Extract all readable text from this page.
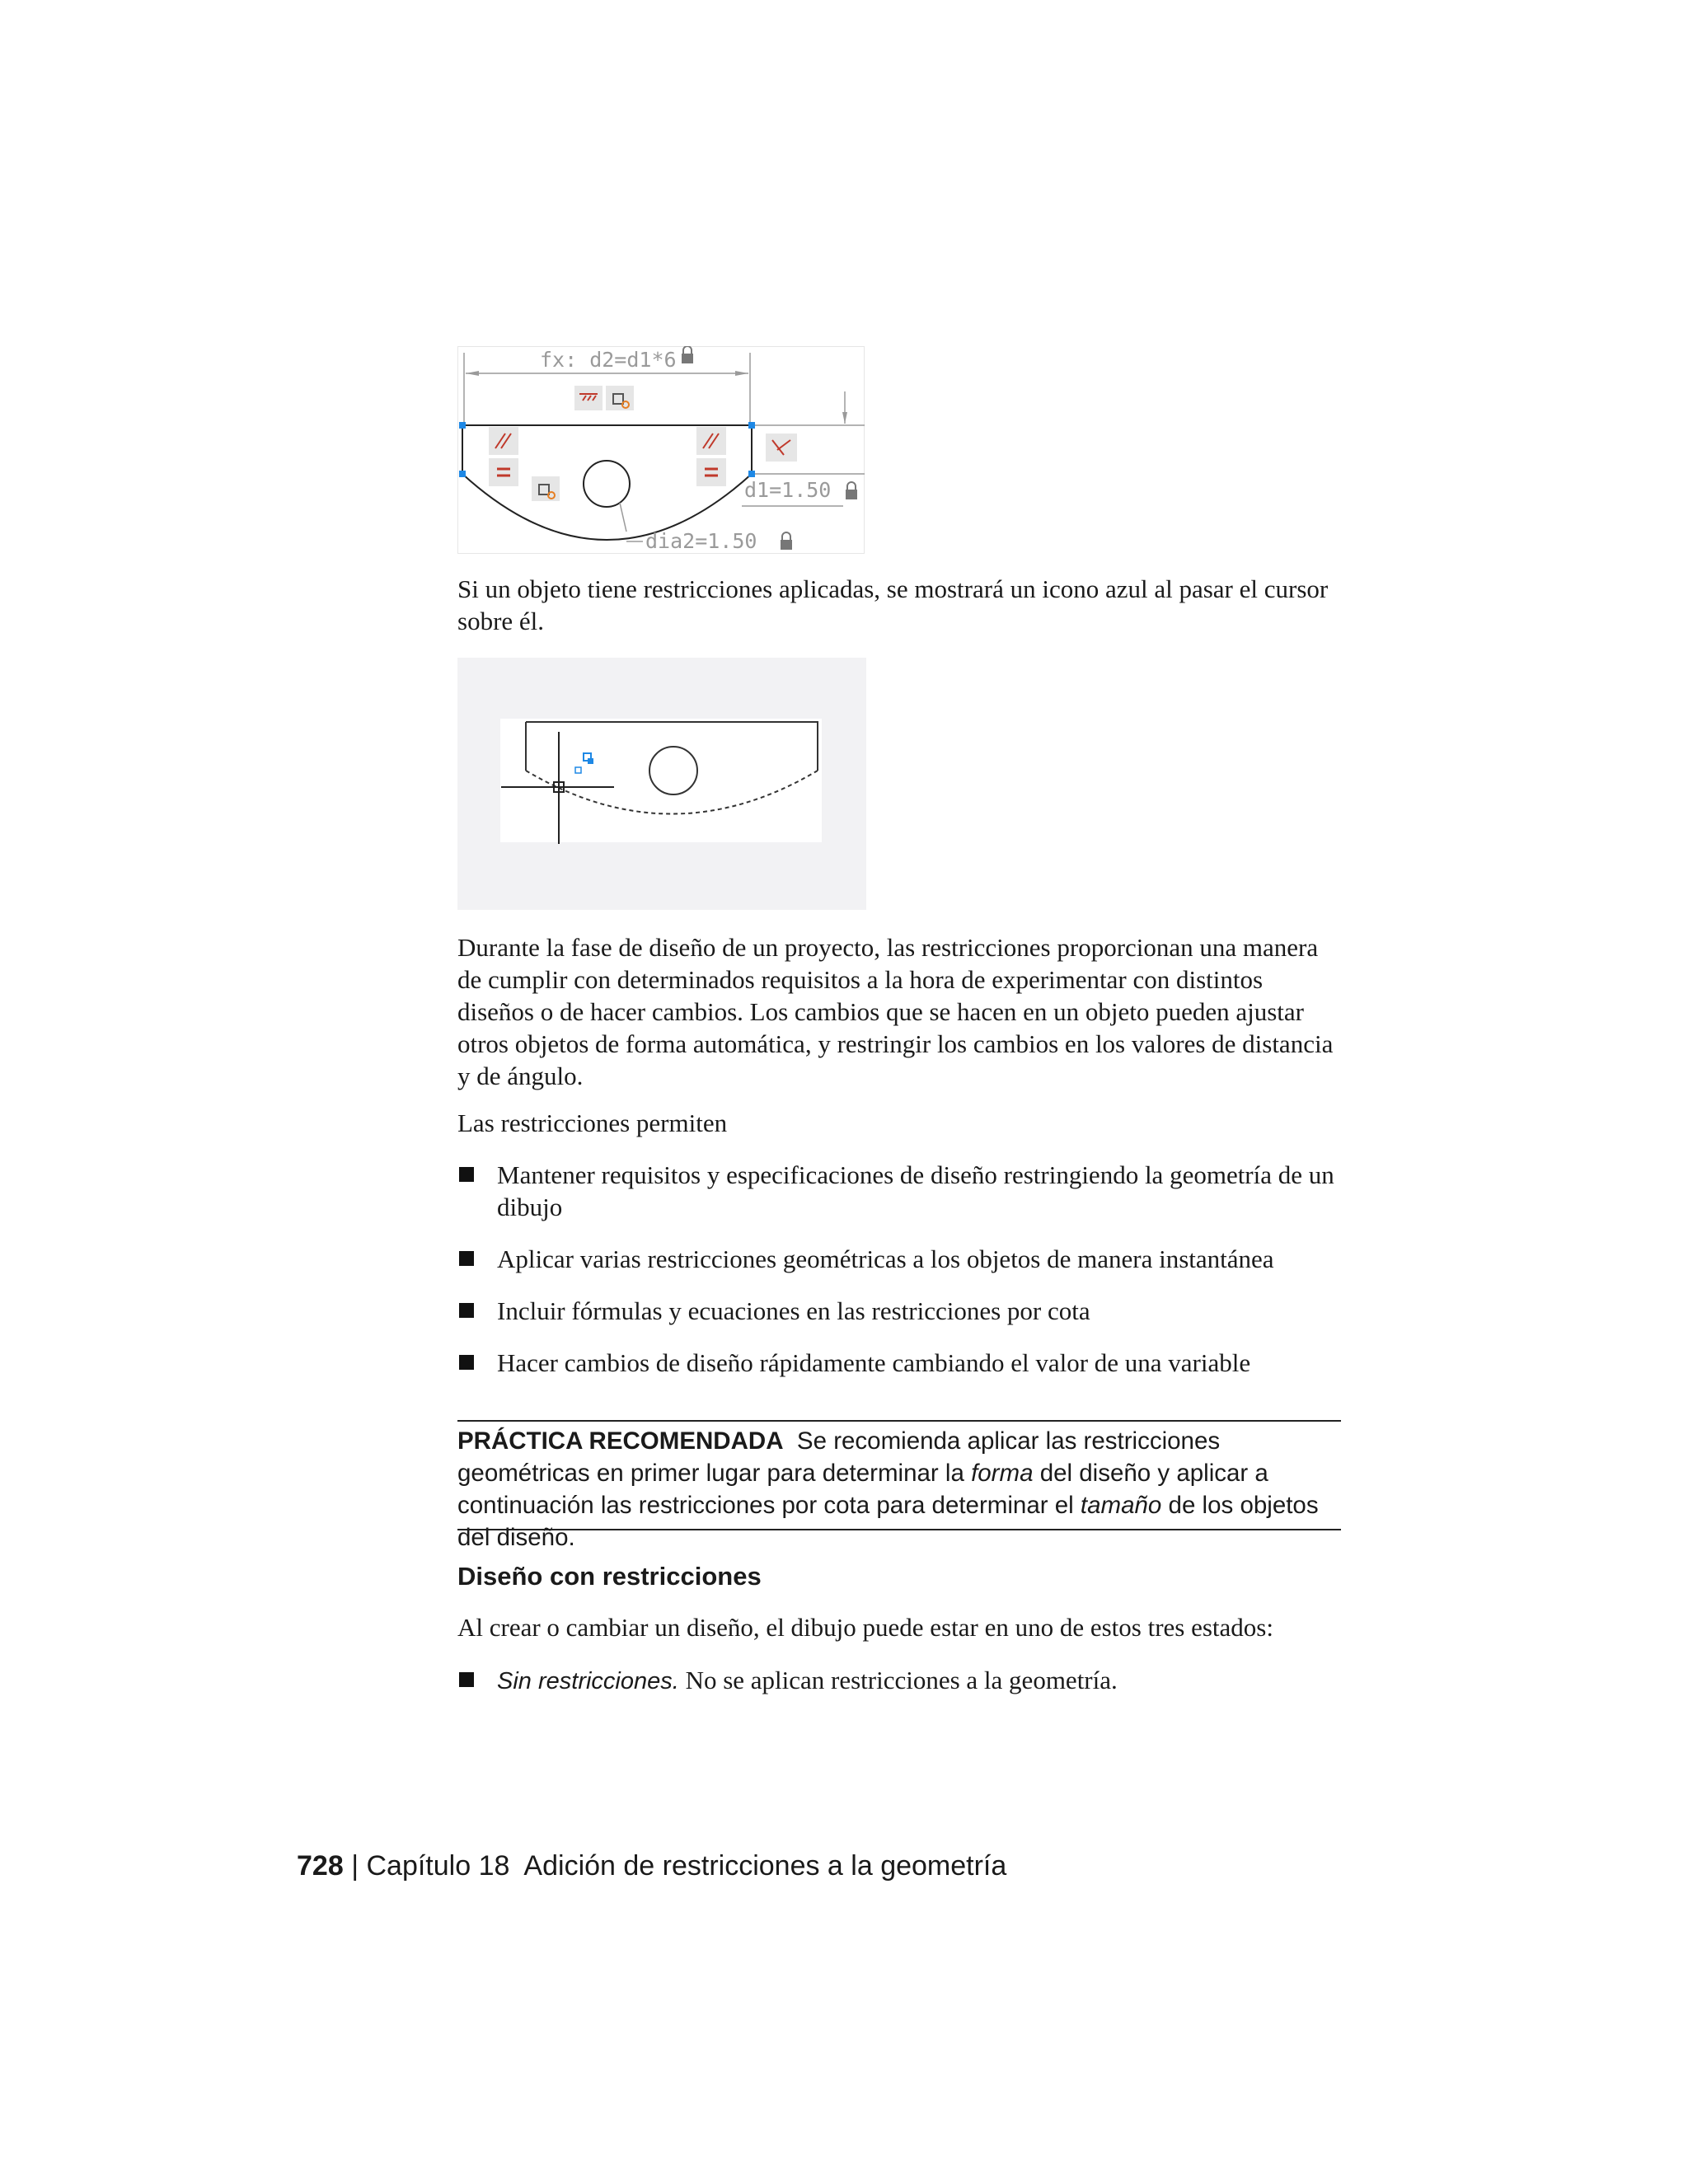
fx: d2=d1*6
d1=1.50
dia2=1.50

Si un objeto tiene restricciones aplicadas, se mostrará un icono azul al pasar el cursor sobre él.

Durante la fase de diseño de un proyecto, las restricciones proporcionan una manera de cumplir con determinados requisitos a la hora de experimentar con distintos diseños o de hacer cambios. Los cambios que se hacen en un objeto pueden ajustar otros objetos de forma automática, y restringir los cambios en los valores de distancia y de ángulo.

Las restricciones permiten

Mantener requisitos y especificaciones de diseño restringiendo la geometría de un dibujo
Aplicar varias restricciones geométricas a los objetos de manera instantánea
Incluir fórmulas y ecuaciones en las restricciones por cota
Hacer cambios de diseño rápidamente cambiando el valor de una variable
PRÁCTICA RECOMENDADA Se recomienda aplicar las restricciones geométricas en primer lugar para determinar la forma del diseño y aplicar a continuación las restricciones por cota para determinar el tamaño de los objetos del diseño.
Diseño con restricciones

Al crear o cambiar un diseño, el dibujo puede estar en uno de estos tres estados:

Sin restricciones. No se aplican restricciones a la geometría.
728 | Capítulo 18 Adición de restricciones a la geometría
